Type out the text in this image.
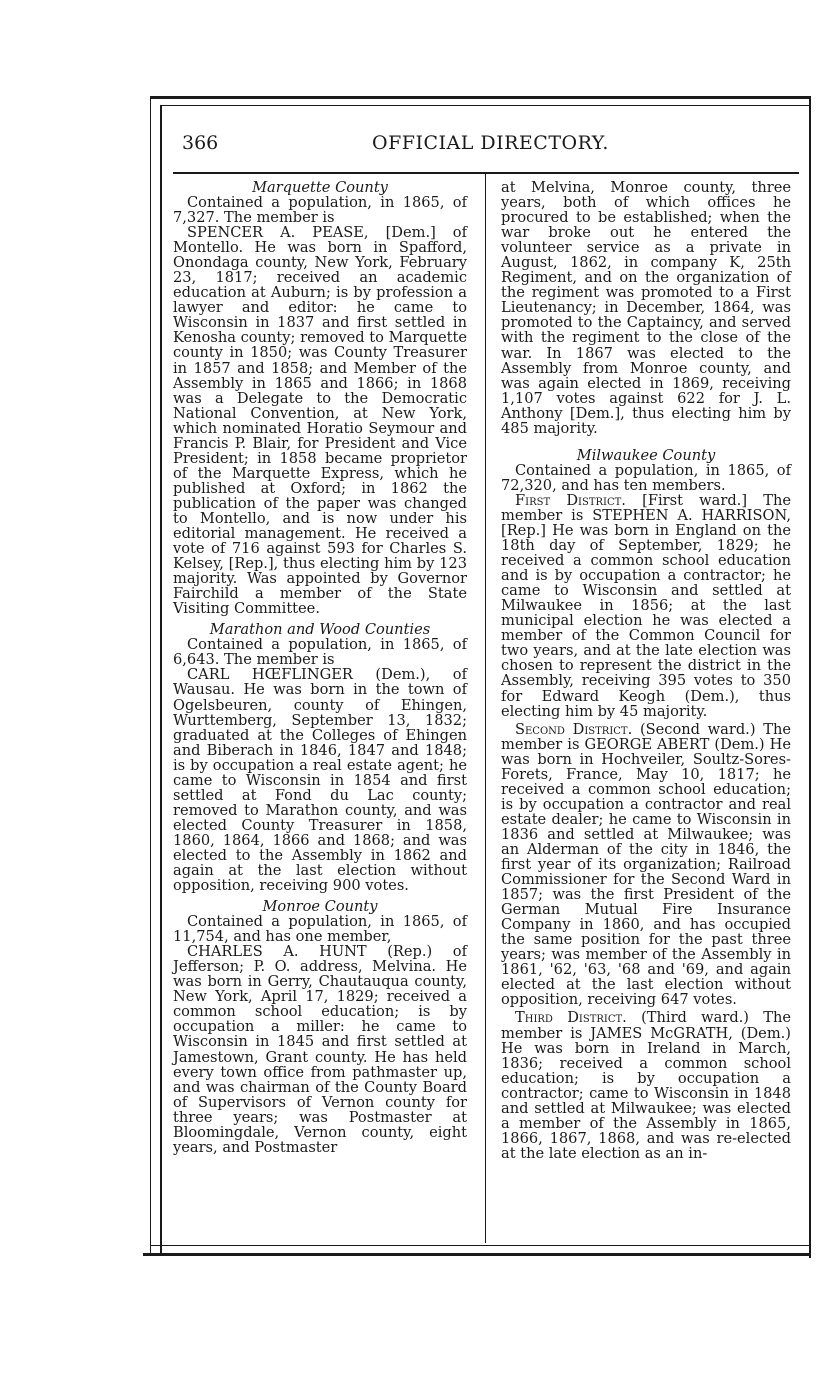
366	OFFICIAL DIRECTORY.
Marquette County

Contained a population, in 1865, of 7,327. The member is

SPENCER A. PEASE, [Dem.] of Montello. He was born in Spafford, Onondaga county, New York, February 23, 1817; received an academic education at Auburn; is by profession a lawyer and editor: he came to Wisconsin in 1837 and first settled in Kenosha county; removed to Marquette county in 1850; was County Treasurer in 1857 and 1858; and Member of the Assembly in 1865 and 1866; in 1868 was a Delegate to the Democratic National Convention, at New York, which nominated Horatio Seymour and Francis P. Blair, for President and Vice President; in 1858 became proprietor of the Marquette Express, which he published at Oxford; in 1862 the publication of the paper was changed to Montello, and is now under his editorial management. He received a vote of 716 against 593 for Charles S. Kelsey, [Rep.], thus electing him by 123 majority. Was appointed by Governor Fairchild a member of the State Visiting Committee.

Marathon and Wood Counties

Contained a population, in 1865, of 6,643. The member is

CARL HŒFLINGER (Dem.), of Wausau. He was born in the town of Ogelsbeuren, county of Ehingen, Wurttemberg, September 13, 1832; graduated at the Colleges of Ehingen and Biberach in 1846, 1847 and 1848; is by occupation a real estate agent; he came to Wisconsin in 1854 and first settled at Fond du Lac county; removed to Marathon county, and was elected County Treasurer in 1858, 1860, 1864, 1866 and 1868; and was elected to the Assembly in 1862 and again at the last election without opposition, receiving 900 votes.

Monroe County

Contained a population, in 1865, of 11,754, and has one member,

CHARLES A. HUNT (Rep.) of Jefferson; P. O. address, Melvina. He was born in Gerry, Chautauqua county, New York, April 17, 1829; received a common school education; is by occupation a miller: he came to Wisconsin in 1845 and first settled at Jamestown, Grant county. He has held every town office from pathmaster up, and was chairman of the County Board of Supervisors of Vernon county for three years; was Postmaster at Bloomingdale, Vernon county, eight years, and Postmaster

at Melvina, Monroe county, three years, both of which offices he procured to be established; when the war broke out he entered the volunteer service as a private in August, 1862, in company K, 25th Regiment, and on the organization of the regiment was promoted to a First Lieutenancy; in December, 1864, was promoted to the Captaincy, and served with the regiment to the close of the war. In 1867 was elected to the Assembly from Monroe county, and was again elected in 1869, receiving 1,107 votes against 622 for J. L. Anthony [Dem.], thus electing him by 485 majority.

Milwaukee County

Contained a population, in 1865, of 72,320, and has ten members.

First District. [First ward.] The member is STEPHEN A. HARRISON, [Rep.] He was born in England on the 18th day of September, 1829; he received a common school education and is by occupation a contractor; he came to Wisconsin and settled at Milwaukee in 1856; at the last municipal election he was elected a member of the Common Council for two years, and at the late election was chosen to represent the district in the Assembly, receiving 395 votes to 350 for Edward Keogh (Dem.), thus electing him by 45 majority.

Second District. (Second ward.) The member is GEORGE ABERT (Dem.) He was born in Hochveiler, Soultz-Sores-Forets, France, May 10, 1817; he received a common school education; is by occupation a contractor and real estate dealer; he came to Wisconsin in 1836 and settled at Milwaukee; was an Alderman of the city in 1846, the first year of its organization; Railroad Commissioner for the Second Ward in 1857; was the first President of the German Mutual Fire Insurance Company in 1860, and has occupied the same position for the past three years; was member of the Assembly in 1861, '62, '63, '68 and '69, and again elected at the last election without opposition, receiving 647 votes.

Third District. (Third ward.) The member is JAMES McGRATH, (Dem.) He was born in Ireland in March, 1836; received a common school education; is by occupation a contractor; came to Wisconsin in 1848 and settled at Milwaukee; was elected a member of the Assembly in 1865, 1866, 1867, 1868, and was re-elected at the late election as an in-
